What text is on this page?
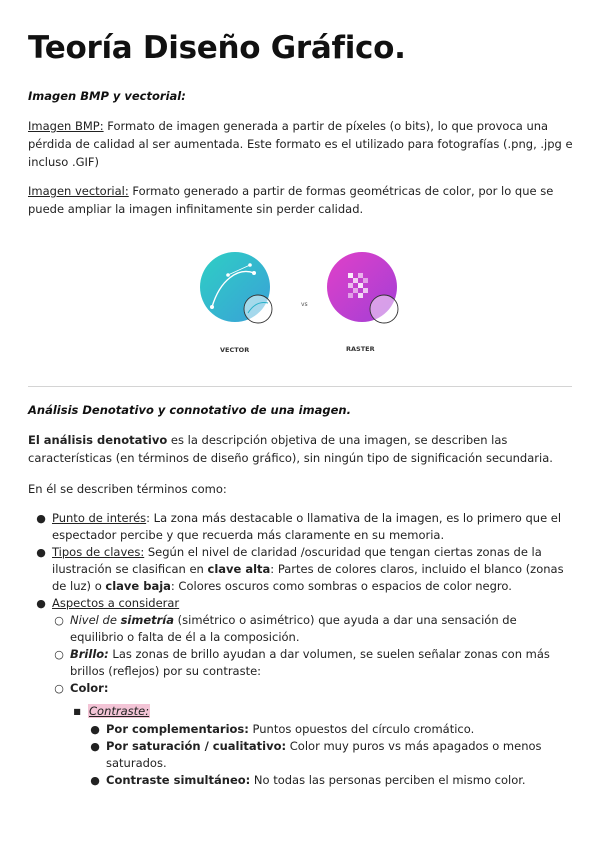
Teoría Diseño Gráfico.
Imagen BMP y vectorial:

Imagen BMP: Formato de imagen generada a partir de píxeles (o bits), lo que provoca una pérdida de calidad al ser aumentada. Este formato es el utilizado para fotografías (.png, .jpg e incluso .GIF)

Imagen vectorial: Formato generado a partir de formas geométricas de color, por lo que se puede ampliar la imagen infinitamente sin perder calidad.

vs
VECTOR	RASTER
Análisis Denotativo y connotativo de una imagen.

El análisis denotativo es la descripción objetiva de una imagen, se describen las características (en términos de diseño gráfico), sin ningún tipo de significación secundaria.

En él se describen términos como:

● Punto de interés: La zona más destacable o llamativa de la imagen, es lo primero que el espectador percibe y que recuerda más claramente en su memoria.
● Tipos de claves: Según el nivel de claridad /oscuridad que tengan ciertas zonas de la ilustración se clasifican en clave alta: Partes de colores claros, incluido el blanco (zonas de luz) o clave baja: Colores oscuros como sombras o espacios de color negro.
● Aspectos a considerar
○ Nivel de simetría (simétrico o asimétrico) que ayuda a dar una sensación de equilibrio o falta de él a la composición.
○ Brillo: Las zonas de brillo ayudan a dar volumen, se suelen señalar zonas con más brillos (reflejos) por su contraste:
○ Color:
■ Contraste:
● Por complementarios: Puntos opuestos del círculo cromático.
● Por saturación / cualitativo: Color muy puros vs más apagados o menos saturados.
● Contraste simultáneo: No todas las personas perciben el mismo color.
